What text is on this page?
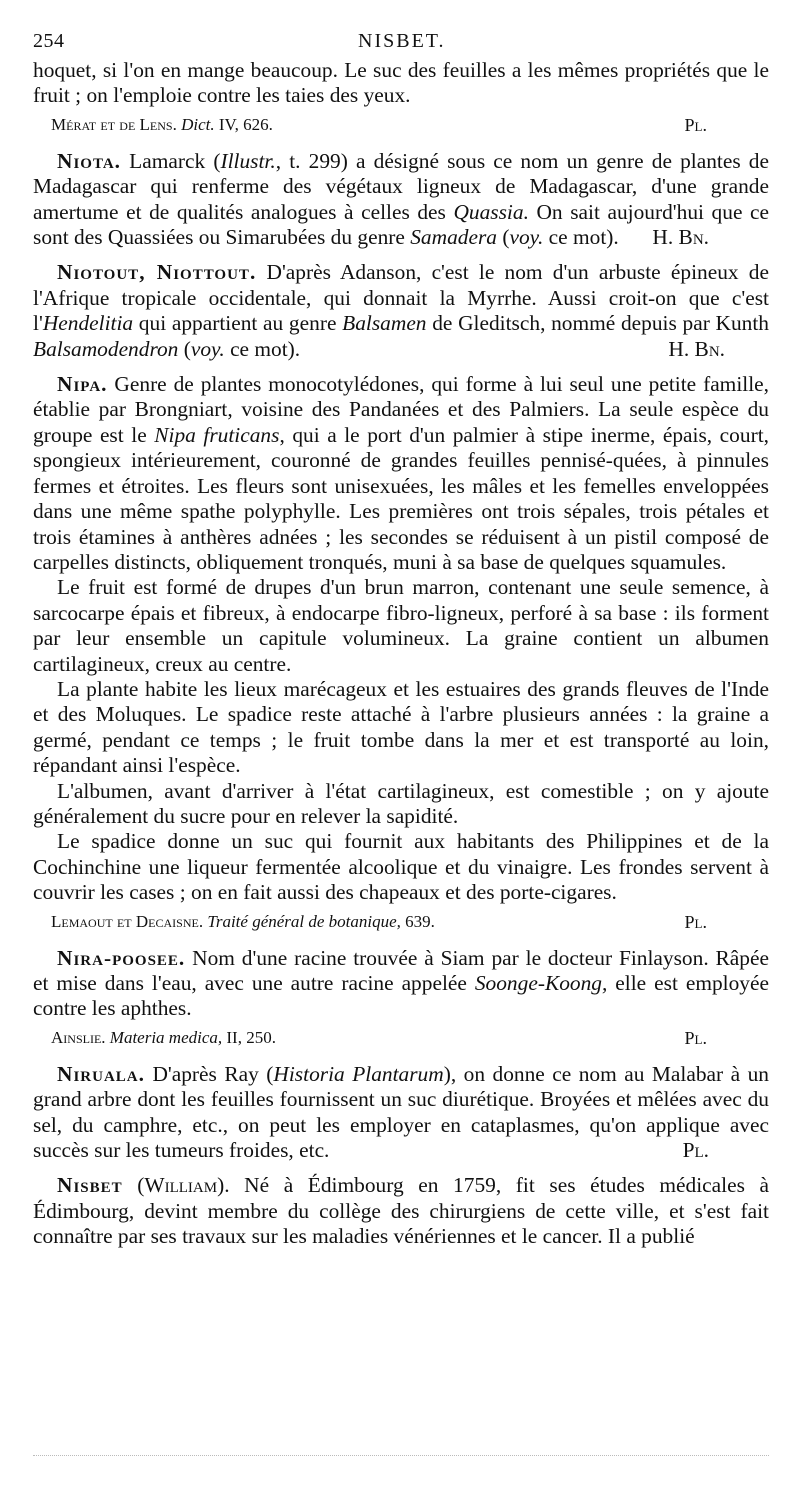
254	NISBET.

hoquet, si l'on en mange beaucoup. Le suc des feuilles a les mêmes propriétés que le fruit ; on l'emploie contre les taies des yeux.

Mérat et de Lens. Dict. IV, 626.	Pl.

Niota. Lamarck (Illustr., t. 299) a désigné sous ce nom un genre de plantes de Madagascar qui renferme des végétaux ligneux de Madagascar, d'une grande amertume et de qualités analogues à celles des Quassia. On sait aujourd'hui que ce sont des Quassiées ou Simarubées du genre Samadera (voy. ce mot).	H. Bn.

Niotout, Niottout. D'après Adanson, c'est le nom d'un arbuste épineux de l'Afrique tropicale occidentale, qui donnait la Myrrhe. Aussi croit-on que c'est l'Hendelitia qui appartient au genre Balsamen de Gleditsch, nommé depuis par Kunth Balsamodendron (voy. ce mot).	H. Bn.

Nipa. Genre de plantes monocotylédones, qui forme à lui seul une petite famille, établie par Brongniart, voisine des Pandanées et des Palmiers. La seule espèce du groupe est le Nipa fruticans, qui a le port d'un palmier à stipe inerme, épais, court, spongieux intérieurement, couronné de grandes feuilles pennisé-quées, à pinnules fermes et étroites. Les fleurs sont unisexuées, les mâles et les femelles enveloppées dans une même spathe polyphylle. Les premières ont trois sépales, trois pétales et trois étamines à anthères adnées ; les secondes se réduisent à un pistil composé de carpelles distincts, obliquement tronqués, muni à sa base de quelques squamules.

Le fruit est formé de drupes d'un brun marron, contenant une seule semence, à sarcocarpe épais et fibreux, à endocarpe fibro-ligneux, perforé à sa base : ils forment par leur ensemble un capitule volumineux. La graine contient un albumen cartilagineux, creux au centre.

La plante habite les lieux marécageux et les estuaires des grands fleuves de l'Inde et des Moluques. Le spadice reste attaché à l'arbre plusieurs années : la graine a germé, pendant ce temps ; le fruit tombe dans la mer et est transporté au loin, répandant ainsi l'espèce.

L'albumen, avant d'arriver à l'état cartilagineux, est comestible ; on y ajoute généralement du sucre pour en relever la sapidité.

Le spadice donne un suc qui fournit aux habitants des Philippines et de la Cochinchine une liqueur fermentée alcoolique et du vinaigre. Les frondes servent à couvrir les cases ; on en fait aussi des chapeaux et des porte-cigares.

Lemaout et Decaisne. Traité général de botanique, 639.	Pl.

Nira-poosee. Nom d'une racine trouvée à Siam par le docteur Finlayson. Râpée et mise dans l'eau, avec une autre racine appelée Soonge-Koong, elle est employée contre les aphthes.

Ainslie. Materia medica, II, 250.	Pl.

Niruala. D'après Ray (Historia Plantarum), on donne ce nom au Malabar à un grand arbre dont les feuilles fournissent un suc diurétique. Broyées et mêlées avec du sel, du camphre, etc., on peut les employer en cataplasmes, qu'on applique avec succès sur les tumeurs froides, etc.	Pl.

Nisbet (William). Né à Édimbourg en 1759, fit ses études médicales à Édimbourg, devint membre du collège des chirurgiens de cette ville, et s'est fait connaître par ses travaux sur les maladies vénériennes et le cancer. Il a publié
